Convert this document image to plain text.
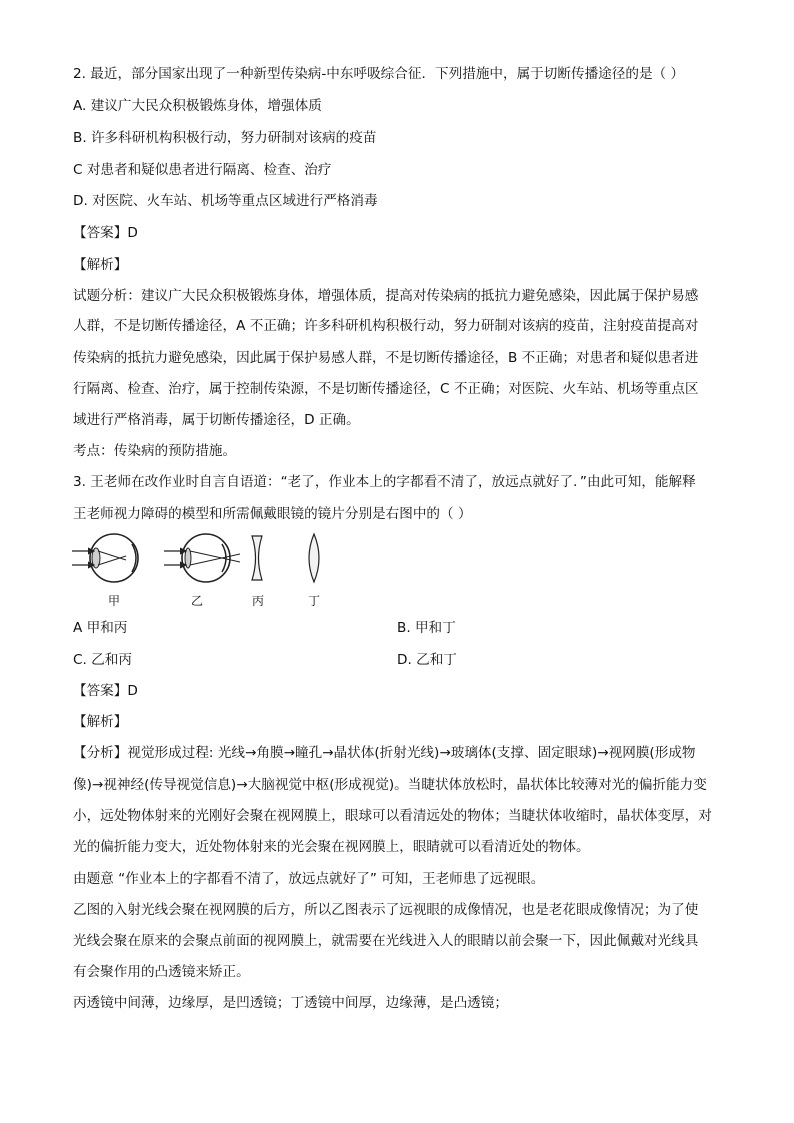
2. 最近，部分国家出现了一种新型传染病-中东呼吸综合征．下列措施中，属于切断传播途径的是（ ）
A. 建议广大民众积极锻炼身体，增强体质
B. 许多科研机构积极行动，努力研制对该病的疫苗
C 对患者和疑似患者进行隔离、检查、治疗
D. 对医院、火车站、机场等重点区域进行严格消毒
【答案】D
【解析】
试题分析：建议广大民众积极锻炼身体，增强体质，提高对传染病的抵抗力避免感染，因此属于保护易感
人群，不是切断传播途径，A 不正确；许多科研机构积极行动，努力研制对该病的疫苗，注射疫苗提高对
传染病的抵抗力避免感染，因此属于保护易感人群，不是切断传播途径，B 不正确；对患者和疑似患者进
行隔离、检查、治疗，属于控制传染源，不是切断传播途径，C 不正确；对医院、火车站、机场等重点区
域进行严格消毒，属于切断传播途径，D 正确。
考点：传染病的预防措施。
3. 王老师在改作业时自言自语道：“老了，作业本上的字都看不清了，放远点就好了．”由此可知，能解释
王老师视力障碍的模型和所需佩戴眼镜的镜片分别是右图中的（ ）
甲	乙	丙	丁
A 甲和丙	B. 甲和丁
C. 乙和丙	D. 乙和丁
【答案】D
【解析】
【分析】视觉形成过程: 光线→角膜→瞳孔→晶状体(折射光线)→玻璃体(支撑、固定眼球)→视网膜(形成物
像)→视神经(传导视觉信息)→大脑视觉中枢(形成视觉)。当睫状体放松时，晶状体比较薄对光的偏折能力变
小，远处物体射来的光刚好会聚在视网膜上，眼球可以看清远处的物体；当睫状体收缩时，晶状体变厚，对
光的偏折能力变大，近处物体射来的光会聚在视网膜上，眼睛就可以看清近处的物体。
由题意 “作业本上的字都看不清了，放远点就好了” 可知，王老师患了远视眼。
乙图的入射光线会聚在视网膜的后方，所以乙图表示了远视眼的成像情况，也是老花眼成像情况；为了使
光线会聚在原来的会聚点前面的视网膜上，就需要在光线进入人的眼睛以前会聚一下，因此佩戴对光线具
有会聚作用的凸透镜来矫正。
丙透镜中间薄，边缘厚，是凹透镜；丁透镜中间厚，边缘薄，是凸透镜；
